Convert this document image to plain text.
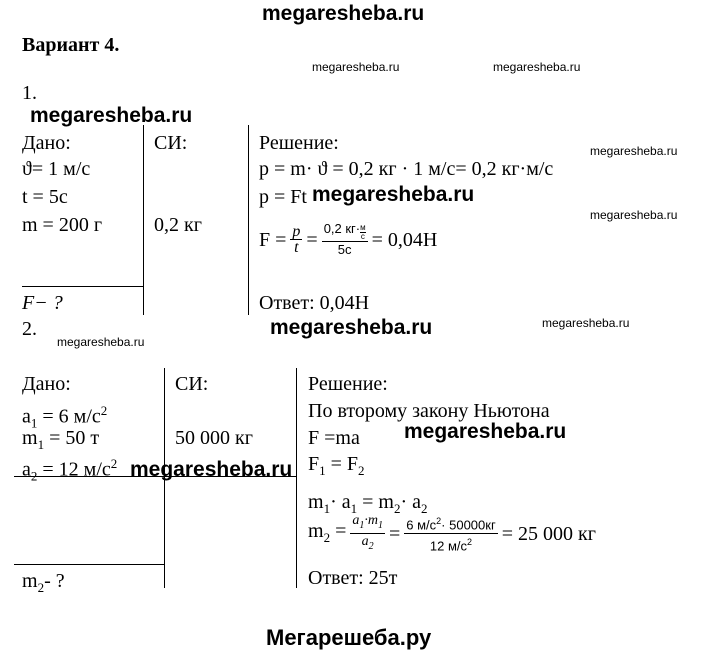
megaresheba.ru
Вариант 4.
megaresheba.ru	megaresheba.ru
1.
megaresheba.ru
Дано:	СИ:
ϑ= 1 м/с
t = 5с
m = 200 г	0,2 кг
F− ?
Решение:	megaresheba.ru
p = m· ϑ = 0,2 кг · 1 м/с= 0,2 кг·м/с
p = Ft megaresheba.ru
megaresheba.ru
$F = \frac{p}{t} = 0,2$ кг· м
с
5с = 0,04Н
Ответ: 0,04Н
2.	megaresheba.ru	megaresheba.ru
megaresheba.ru
Дано:	СИ:
$a_1 = 6$ $м/с^2$
$m_1 = 50$ т	50 000 кг
$a_2 = 12$ $м/с^2$ megaresheba.ru
$m_2-$ ?
Решение:
По второму закону Ньютона
F =ma
$F_1 = F_2$
megaresheba.ru
$m_1\cdot a_1 = m_2\cdot a_2$
$m_2 = \frac{a_1\cdot m_1}{a_2} = \frac{6 м/с^2\cdot 50000кг}{12 м/с^2} = 25$ 000 кг
Ответ: 25т
Мегарешеба.ру
